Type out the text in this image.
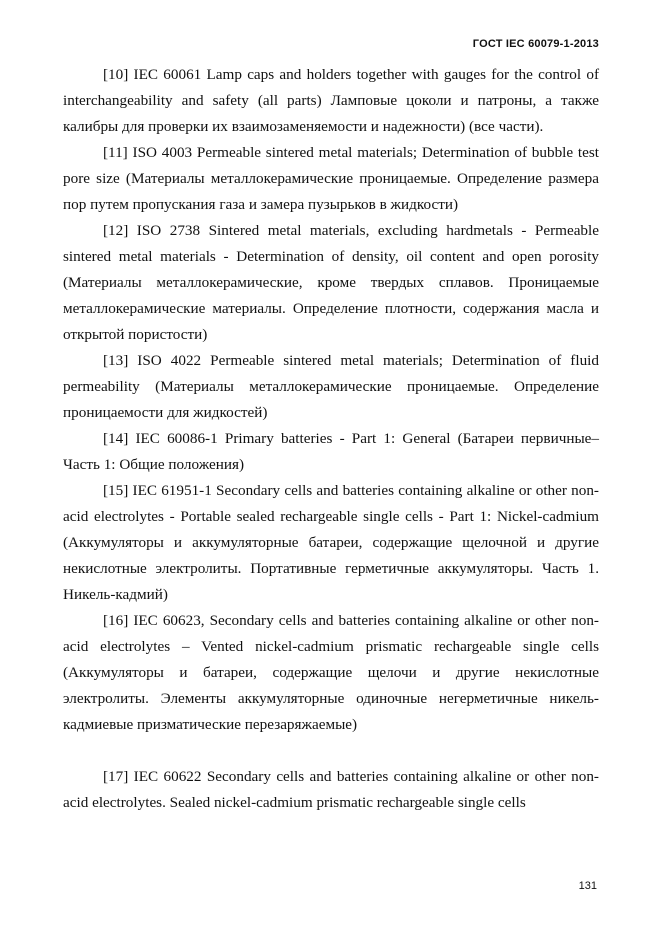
ГОСТ IEC 60079-1-2013

[10] IEC 60061 Lamp caps and holders together with gauges for the control of interchangeability and safety (all parts) Ламповые цоколи и патроны, а также калибры для проверки их взаимозаменяемости и надежности) (все части).

[11] ISO 4003 Permeable sintered metal materials; Determination of bubble test pore size (Материалы металлокерамические проницаемые. Определение размера пор путем пропускания газа и замера пузырьков в жидкости)

[12] ISO 2738 Sintered metal materials, excluding hardmetals - Permeable sintered metal materials - Determination of density, oil content and open porosity (Материалы металлокерамические, кроме твердых сплавов. Проницаемые металлокерамические материалы. Определение плотности, содержания масла и открытой пористости)

[13] ISO 4022 Permeable sintered metal materials; Determination of fluid permeability (Материалы металлокерамические проницаемые. Определение проницаемости для жидкостей)

[14] IEC 60086-1 Primary batteries - Part 1: General (Батареи первичные– Часть 1: Общие положения)

[15] IEC 61951-1 Secondary cells and batteries containing alkaline or other non-acid electrolytes - Portable sealed rechargeable single cells - Part 1: Nickel-cadmium (Аккумуляторы и аккумуляторные батареи, содержащие щелочной и другие некислотные электролиты. Портативные герметичные аккумуляторы. Часть 1. Никель-кадмий)

[16] IEC 60623, Secondary cells and batteries containing alkaline or other non-acid electrolytes – Vented nickel-cadmium prismatic rechargeable single cells (Аккумуляторы и батареи, содержащие щелочи и другие некислотные электролиты. Элементы аккумуляторные одиночные негерметичные никель-кадмиевые призматические перезаряжаемые)

[17] IEC 60622 Secondary cells and batteries containing alkaline or other non-acid electrolytes. Sealed nickel-cadmium prismatic rechargeable single cells

131
